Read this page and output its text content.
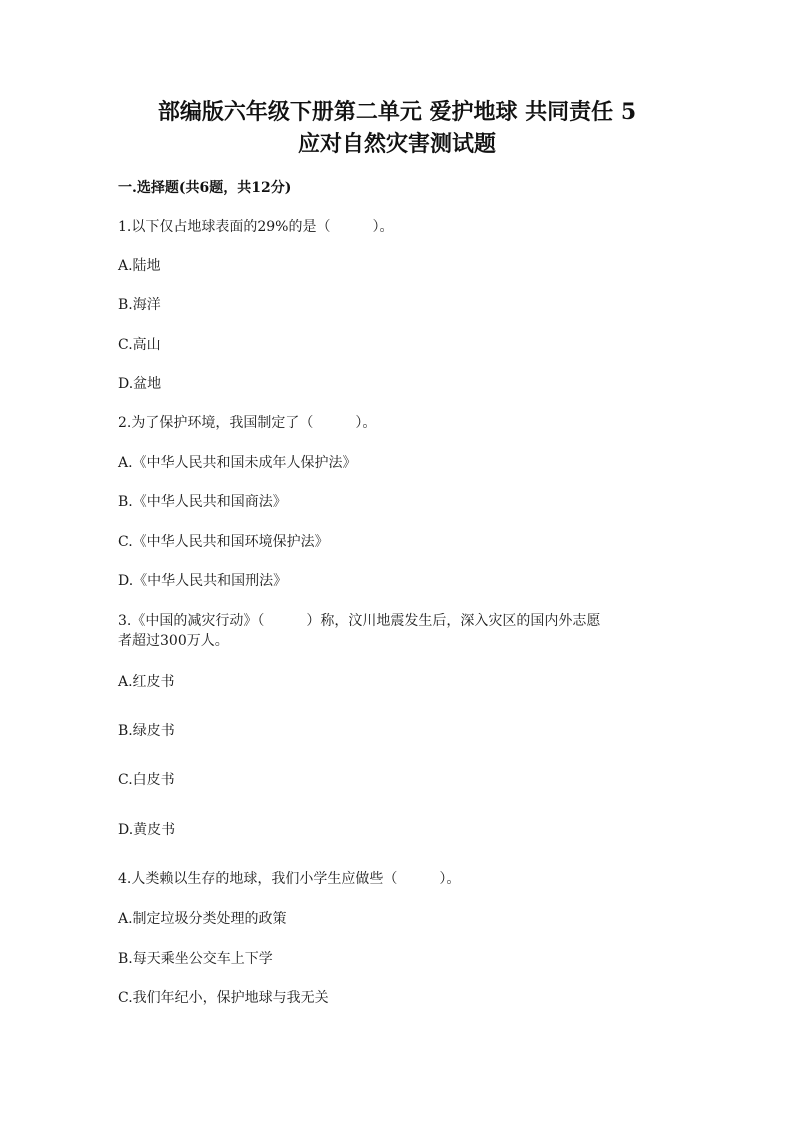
部编版六年级下册第二单元 爱护地球 共同责任 5
应对自然灾害测试题
一.选择题(共6题，共12分)
1.以下仅占地球表面的29%的是（　　　）。
A.陆地
B.海洋
C.高山
D.盆地
2.为了保护环境，我国制定了（　　　）。
A.《中华人民共和国未成年人保护法》
B.《中华人民共和国商法》
C.《中华人民共和国环境保护法》
D.《中华人民共和国刑法》
3.《中国的减灾行动》（　　　）称，汶川地震发生后，深入灾区的国内外志愿
者超过300万人。
A.红皮书
B.绿皮书
C.白皮书
D.黄皮书
4.人类赖以生存的地球，我们小学生应做些（　　　）。
A.制定垃圾分类处理的政策
B.每天乘坐公交车上下学
C.我们年纪小，保护地球与我无关
